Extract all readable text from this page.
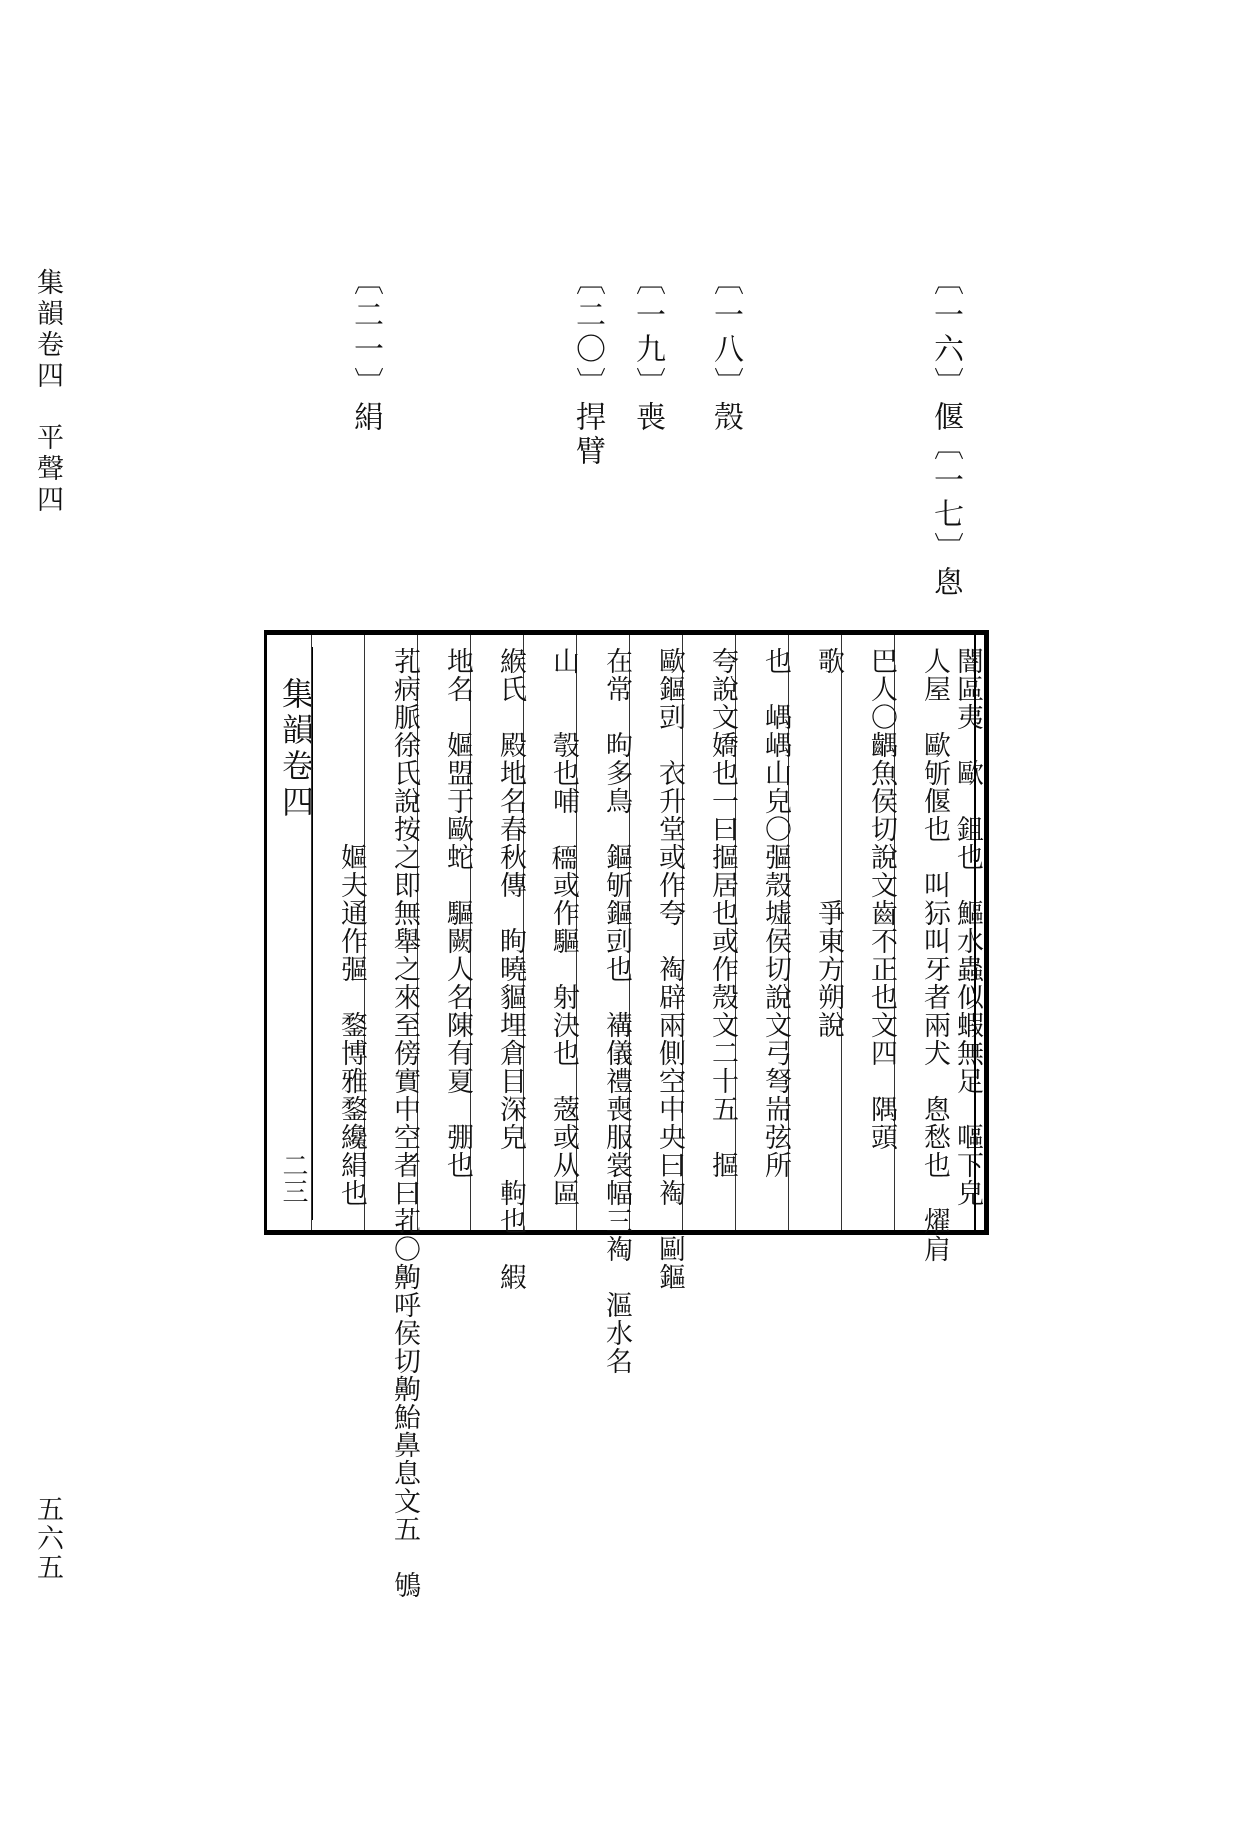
集韻卷四　平聲四
五六五
〔一六〕偃
〔一七〕悤
〔一八〕殼
〔一九〕喪
〔二〇〕捍臂
〔二一〕絹
集韻卷四
二三	闇區夷　歐　鉏也　鰸水蟲似蝦無足　嘔下皃
人屋　歐斪偃也　叫狋叫牙者兩犬　悤愁也　燿肩
巴人〇齵魚侯切說文齒不正也文四　隅頭
歌　　　　　　　　爭東方朔說
也　嵎嵎山皃〇彄殼墟侯切說文弓弩耑弦所
夸說文嬌也一曰摳居也或作殼文二十五　摳
歐鏂剅　衣升堂或作夸　裪辟兩側空中央曰裪　剾鏂
在常　昫多鳥　鏂斪鏂剅也　褠儀禮喪服裳幅三裪　漚水名
山　　彀也哺　𥢠或作驅　射決也　蔲或从區
緱氏　殿地名春秋傳　眴曉貙埋倉目深皃　軥也　縀
地名　嫗盟于歐蛇　驅闕人名陳有夏　弸也
芤病脈徐氏說按之即無舉之來至傍實中空者曰芤〇齁呼侯切齁鮐鼻息文五　鴝
　　　　　　　嫗夫通作彄　鍪博雅鍪纔絹也
